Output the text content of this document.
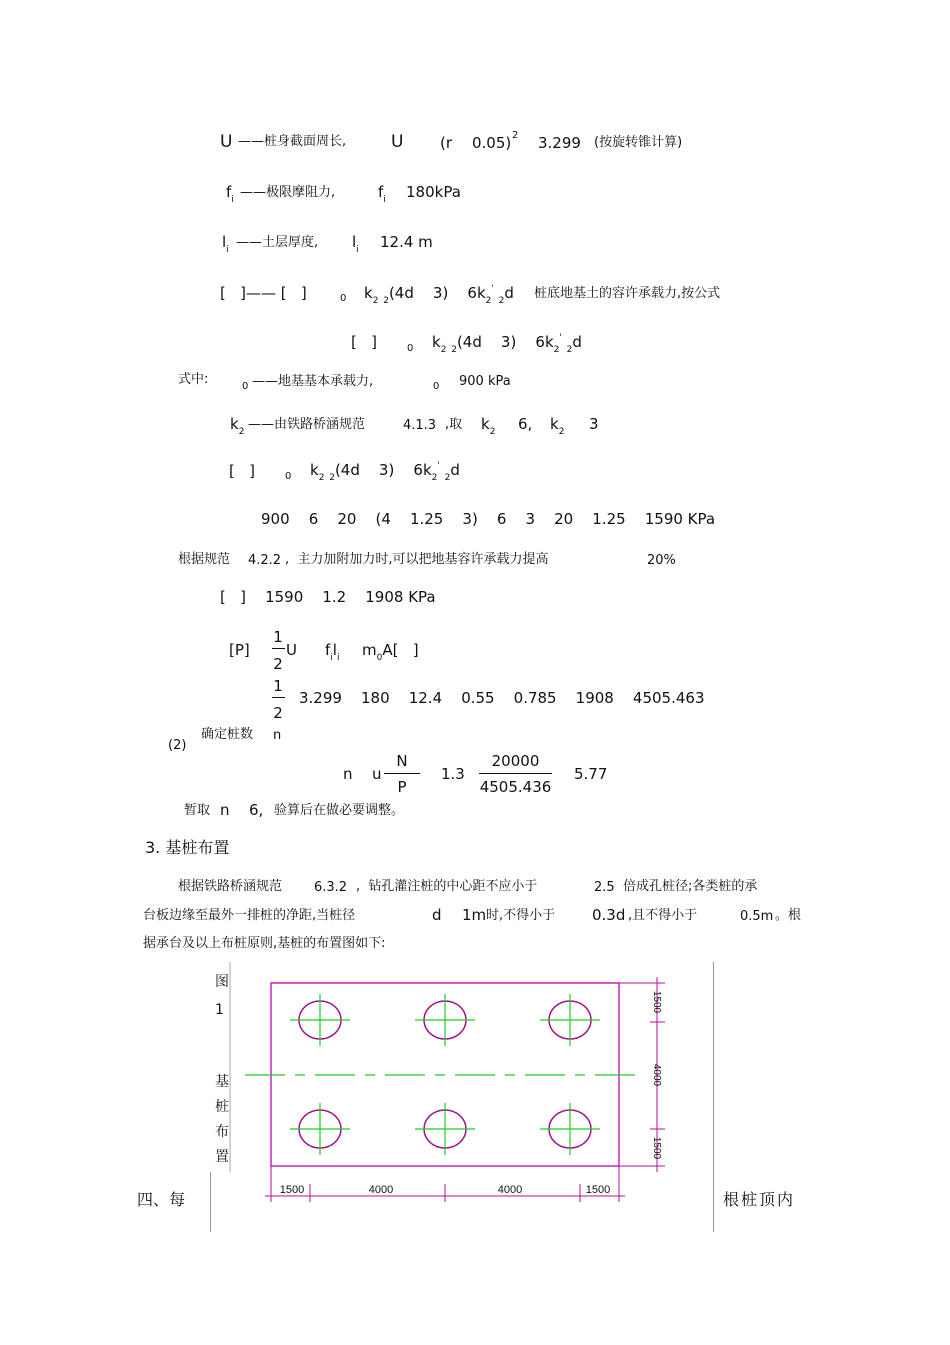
U ——桩身截面周长,	U (r 0.05) 2 3.299 (按旋转锥计算)
$f_i$ ——极限摩阻力,	$f_i$ 180kPa
$l_i$ ——土层厚度, $l_i$ 12.4 m
[   ]—— [   ]	0 $k_2$ $_2$(4d    3)    $6k_2'$ $_2$d 桩底地基土的容许承载力,按公式
[   ]	0 $k_2$ $_2$(4d    3)    $6k_2'$ $_2$d
式中:	0 ——地基基本承载力,	0 900 kPa
$k_2$ ——由铁路桥涵规范	4.1.3 ,取 $k_2$ 6, $k_2$ 3
[   ]	0 $k_2$ $_2$(4d    3)    $6k_2'$ $_2$d
900    6    20    (4    1.25    3)    6    3    20    1.25    1590 KPa
根据规范 4.2.2 ,  主力加附加力时,可以把地基容许承载力提高	20%
[   ]    1590    1.2    1908 KPa
[P]
1
2
U $f_il_i$ $m_0A$[   ]
1
2
3.299    180    12.4    0.55    0.785    1908    4505.463
(2)
确定桩数 n
n u
N
P
1.3
20000
4505.436
5.77
暂取 n 6, 验算后在做必要调整。
3. 基桩布置
根据铁路桥涵规范 6.3.2 ,  钻孔灌注桩的中心距不应小于	2.5 倍成孔桩径;各类桩的承
台板边缘至最外一排桩的净距,当桩径	d 1m 时,不得小于 0.3d ,且不得小于	0.5m 。根
据承台及以上布桩原则,基桩的布置图如下:
图
1
基
桩
布
置
1500
4000
1500
1500	4000	4000	1500
四、每	根桩顶内
